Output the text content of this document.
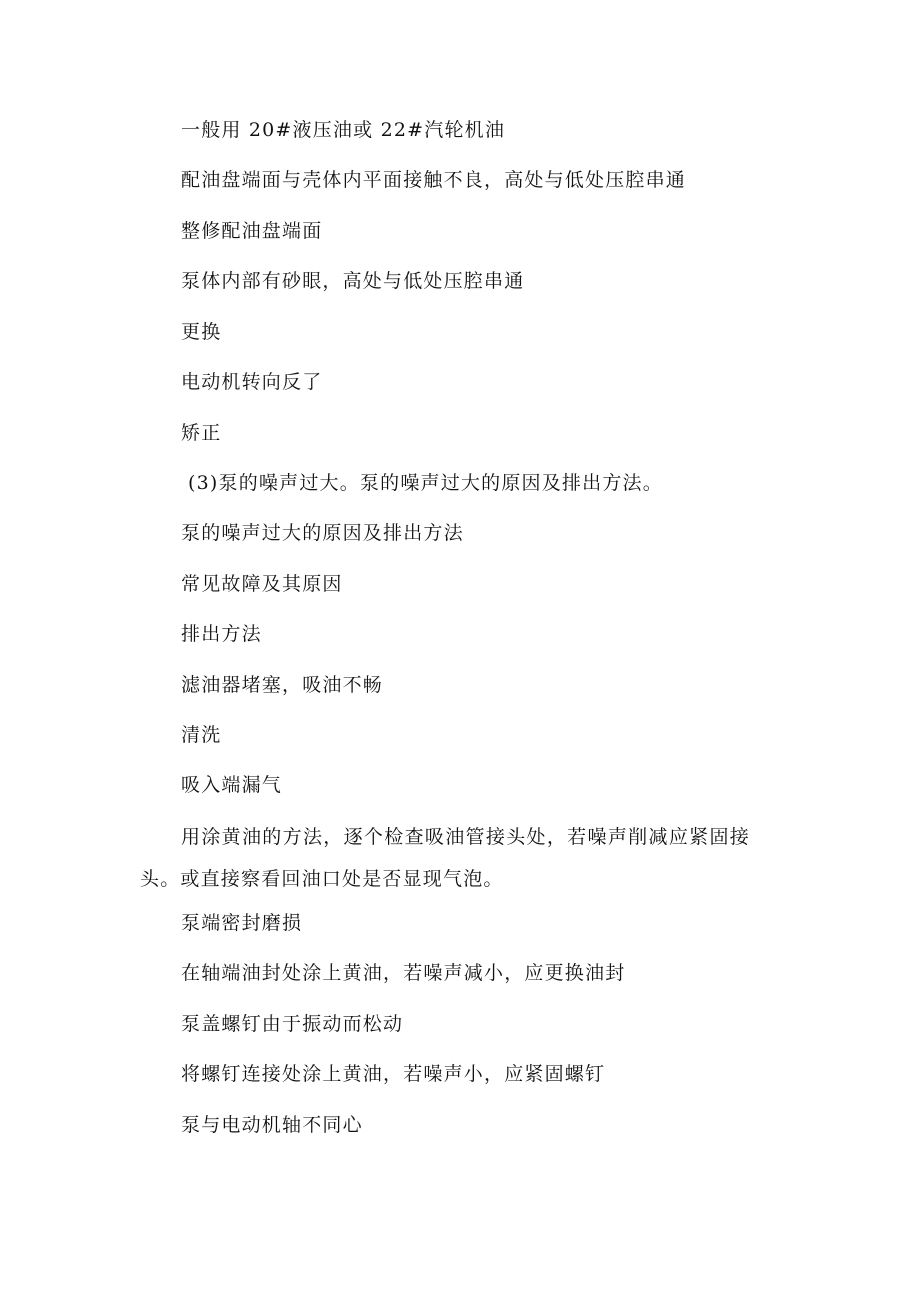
一般用 20#液压油或 22#汽轮机油
配油盘端面与壳体内平面接触不良，高处与低处压腔串通
整修配油盘端面
泵体内部有砂眼，高处与低处压腔串通
更换
电动机转向反了
矫正
(3)泵的噪声过大。泵的噪声过大的原因及排出方法。
泵的噪声过大的原因及排出方法
常见故障及其原因
排出方法
滤油器堵塞，吸油不畅
清洗
吸入端漏气
用涂黄油的方法，逐个检查吸油管接头处，若噪声削减应紧固接头。或直接察看回油口处是否显现气泡。
泵端密封磨损
在轴端油封处涂上黄油，若噪声减小，应更换油封
泵盖螺钉由于振动而松动
将螺钉连接处涂上黄油，若噪声小，应紧固螺钉
泵与电动机轴不同心
